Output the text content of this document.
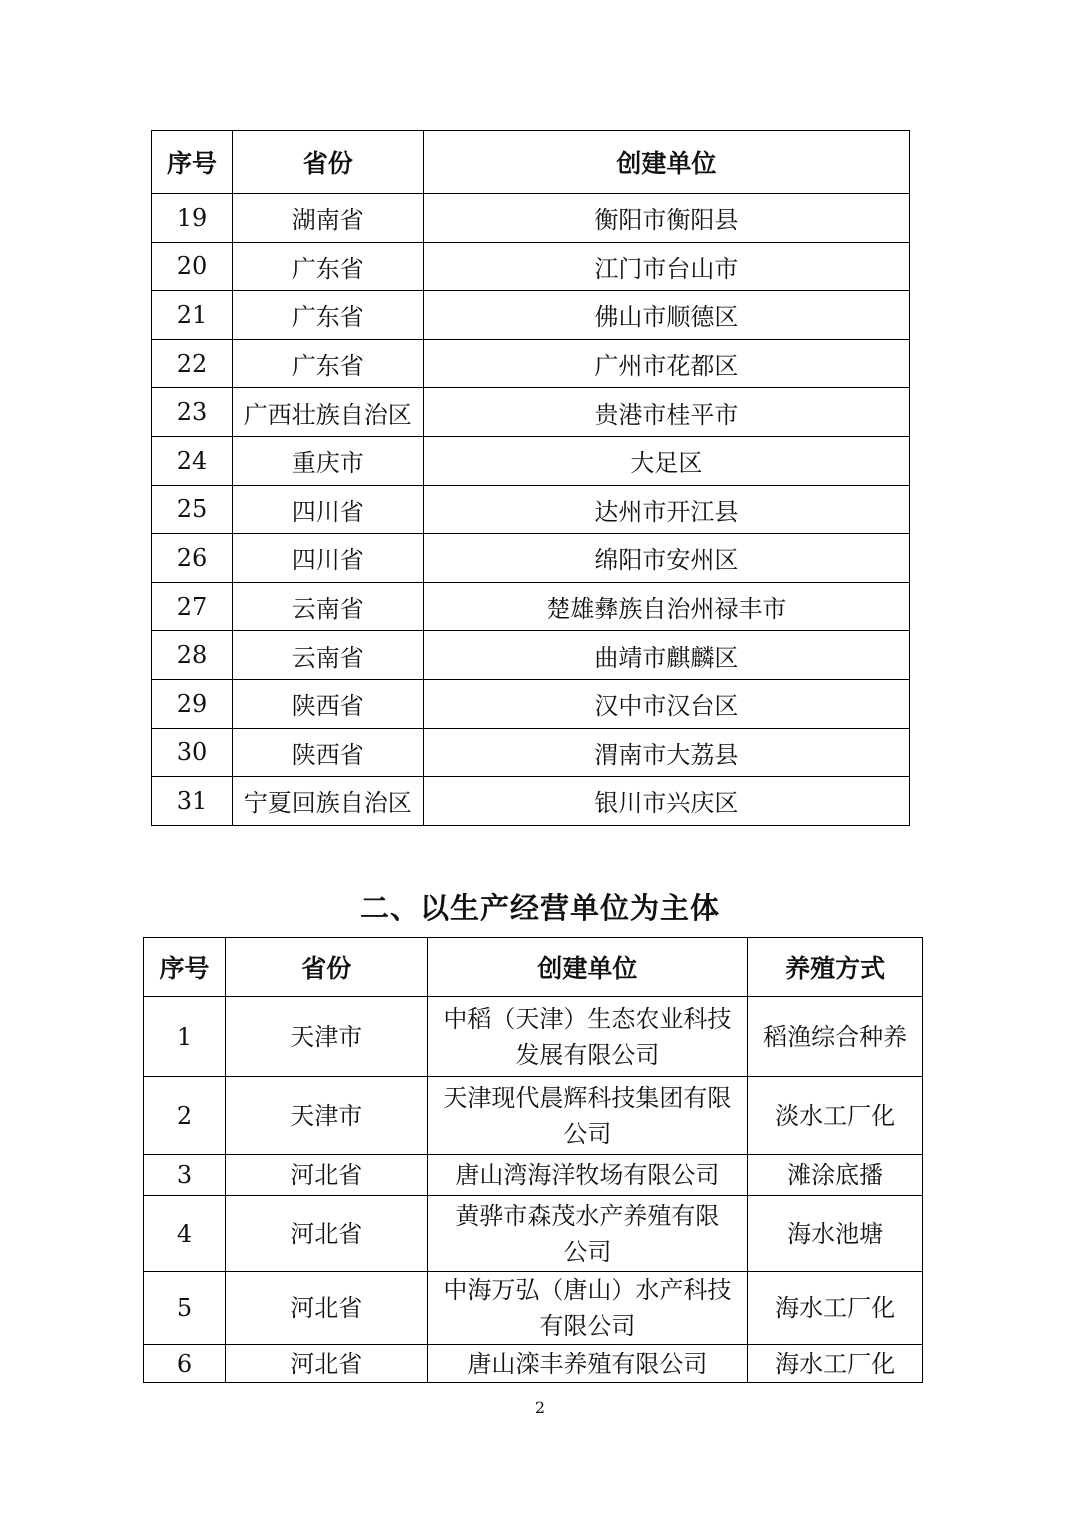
序号	省份	创建单位
19	湖南省	衡阳市衡阳县
20	广东省	江门市台山市
21	广东省	佛山市顺德区
22	广东省	广州市花都区
23	广西壮族自治区	贵港市桂平市
24	重庆市	大足区
25	四川省	达州市开江县
26	四川省	绵阳市安州区
27	云南省	楚雄彝族自治州禄丰市
28	云南省	曲靖市麒麟区
29	陕西省	汉中市汉台区
30	陕西省	渭南市大荔县
31	宁夏回族自治区	银川市兴庆区
二、以生产经营单位为主体
序号	省份	创建单位	养殖方式
1	天津市	中稻（天津）生态农业科技发展有限公司	稻渔综合种养
2	天津市	天津现代晨辉科技集团有限公司	淡水工厂化
3	河北省	唐山湾海洋牧场有限公司	滩涂底播
4	河北省	黄骅市森茂水产养殖有限公司	海水池塘
5	河北省	中海万弘（唐山）水产科技有限公司	海水工厂化
6	河北省	唐山滦丰养殖有限公司	海水工厂化
2
